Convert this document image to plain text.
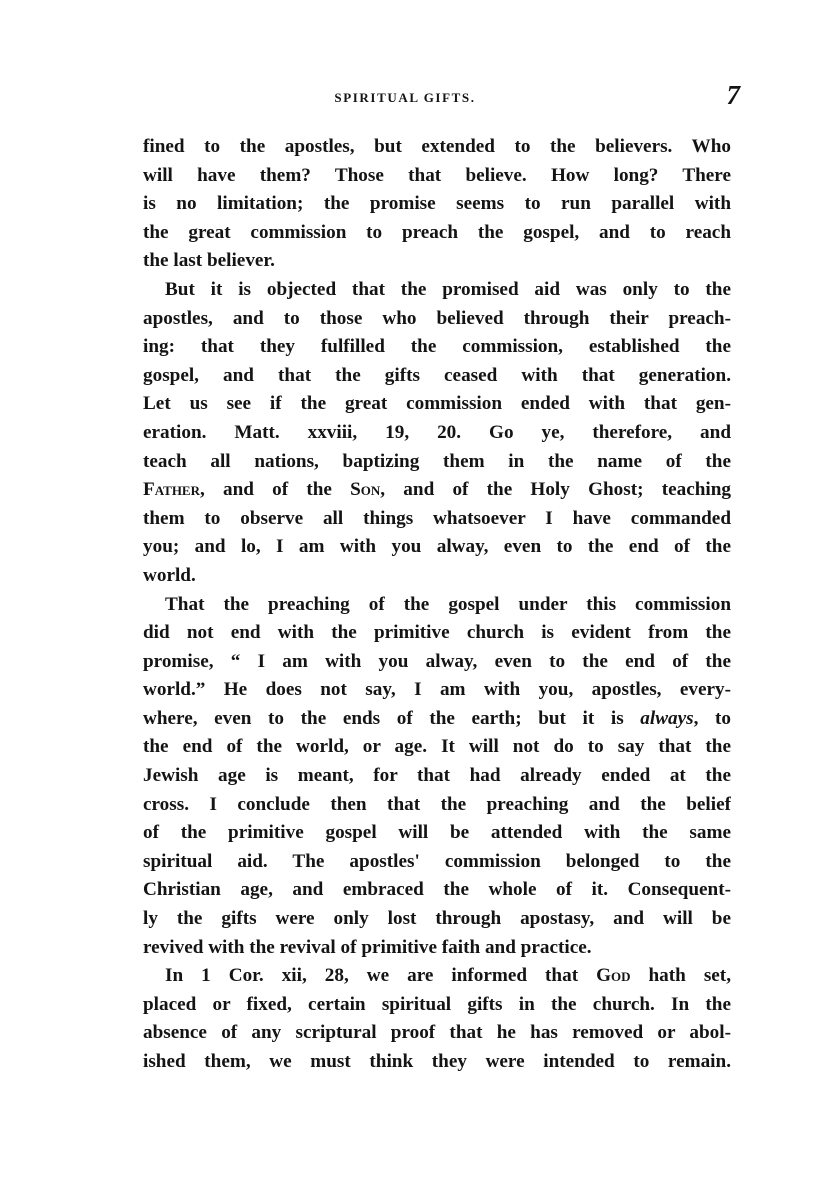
SPIRITUAL GIFTS.	7
fined to the apostles, but extended to the believers. Who
will have them? Those that believe. How long? There
is no limitation; the promise seems to run parallel with
the great commission to preach the gospel, and to reach
the last believer.
But it is objected that the promised aid was only to the
apostles, and to those who believed through their preach-
ing: that they fulfilled the commission, established the
gospel, and that the gifts ceased with that generation.
Let us see if the great commission ended with that gen-
eration. Matt. xxviii, 19, 20. Go ye, therefore, and
teach all nations, baptizing them in the name of the
Father, and of the Son, and of the Holy Ghost; teaching
them to observe all things whatsoever I have commanded
you; and lo, I am with you alway, even to the end of the
world.
That the preaching of the gospel under this commission
did not end with the primitive church is evident from the
promise, “ I am with you alway, even to the end of the
world.” He does not say, I am with you, apostles, every-
where, even to the ends of the earth; but it is always, to
the end of the world, or age. It will not do to say that the
Jewish age is meant, for that had already ended at the
cross. I conclude then that the preaching and the belief
of the primitive gospel will be attended with the same
spiritual aid. The apostles' commission belonged to the
Christian age, and embraced the whole of it. Consequent-
ly the gifts were only lost through apostasy, and will be
revived with the revival of primitive faith and practice.
In 1 Cor. xii, 28, we are informed that God hath set,
placed or fixed, certain spiritual gifts in the church. In the
absence of any scriptural proof that he has removed or abol-
ished them, we must think they were intended to remain.
